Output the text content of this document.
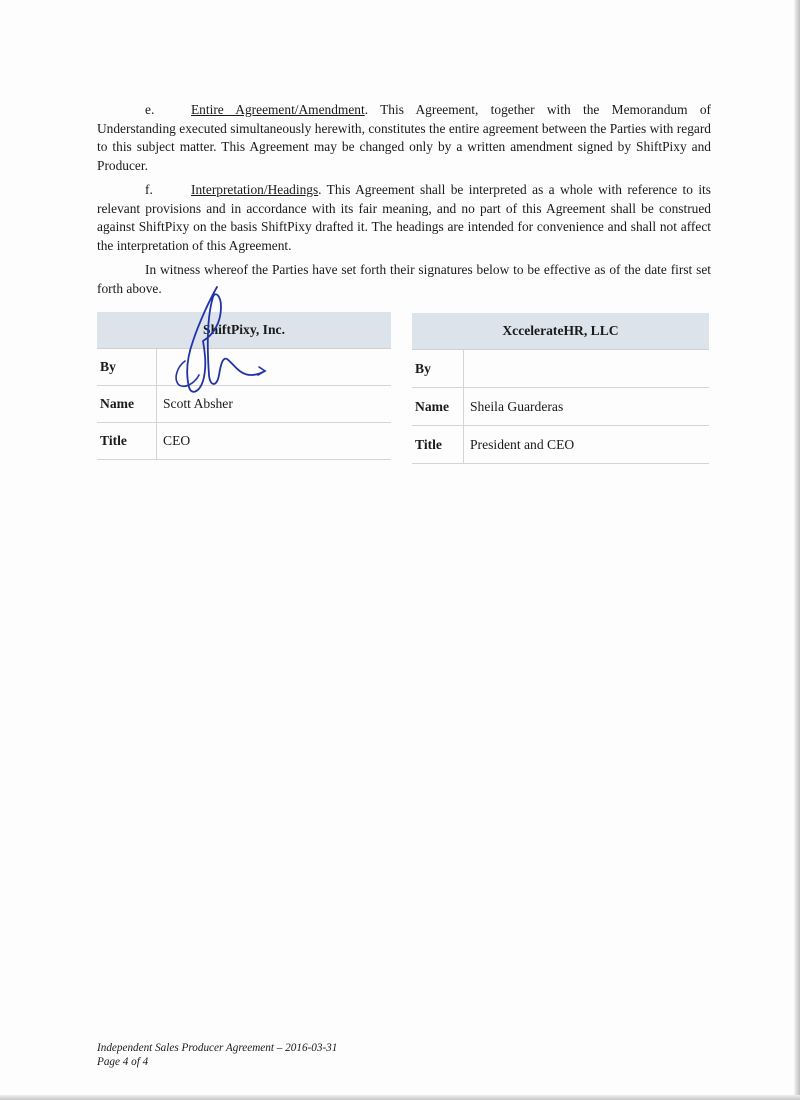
e.	Entire Agreement/Amendment. This Agreement, together with the Memorandum of Understanding executed simultaneously herewith, constitutes the entire agreement between the Parties with regard to this subject matter. This Agreement may be changed only by a written amendment signed by ShiftPixy and Producer.
f.	Interpretation/Headings. This Agreement shall be interpreted as a whole with reference to its relevant provisions and in accordance with its fair meaning, and no part of this Agreement shall be construed against ShiftPixy on the basis ShiftPixy drafted it. The headings are intended for convenience and shall not affect the interpretation of this Agreement.
In witness whereof the Parties have set forth their signatures below to be effective as of the date first set forth above.
ShiftPixy, Inc.	
By	
Name	Scott Absher
Title	CEO
XccelerateHR, LLC	
By	
Name	Sheila Guarderas
Title	President and CEO
Independent Sales Producer Agreement – 2016-03-31
Page 4 of 4
